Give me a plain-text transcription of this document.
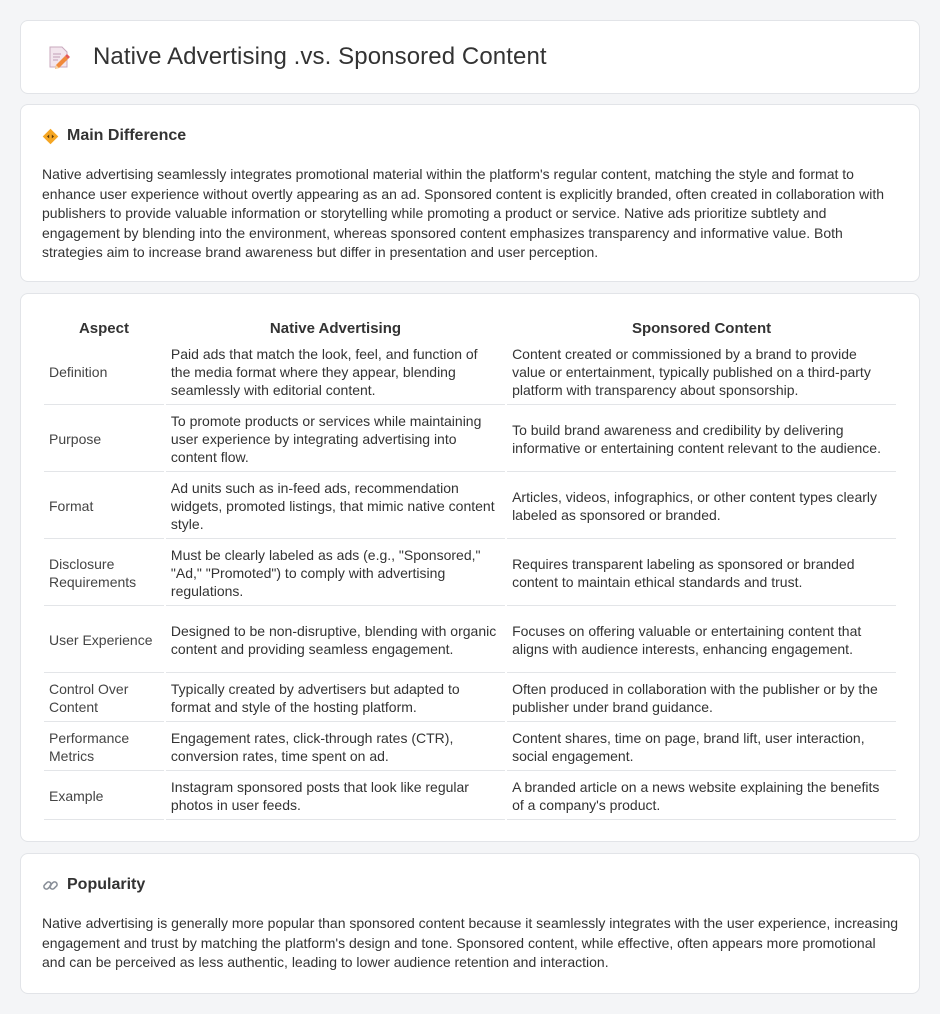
Native Advertising .vs. Sponsored Content
Main Difference

Native advertising seamlessly integrates promotional material within the platform's regular content, matching the style and format to enhance user experience without overtly appearing as an ad. Sponsored content is explicitly branded, often created in collaboration with publishers to provide valuable information or storytelling while promoting a product or service. Native ads prioritize subtlety and engagement by blending into the environment, whereas sponsored content emphasizes transparency and informative value. Both strategies aim to increase brand awareness but differ in presentation and user perception.

Aspect	Native Advertising	Sponsored Content
Definition	Paid ads that match the look, feel, and function of the media format where they appear, blending seamlessly with editorial content.	Content created or commissioned by a brand to provide value or entertainment, typically published on a third-party platform with transparency about sponsorship.
Purpose	To promote products or services while maintaining user experience by integrating advertising into content flow.	To build brand awareness and credibility by delivering informative or entertaining content relevant to the audience.
Format	Ad units such as in-feed ads, recommendation widgets, promoted listings, that mimic native content style.	Articles, videos, infographics, or other content types clearly labeled as sponsored or branded.
Disclosure Requirements	Must be clearly labeled as ads (e.g., "Sponsored," "Ad," "Promoted") to comply with advertising regulations.	Requires transparent labeling as sponsored or branded content to maintain ethical standards and trust.
User Experience	Designed to be non-disruptive, blending with organic content and providing seamless engagement.	Focuses on offering valuable or entertaining content that aligns with audience interests, enhancing engagement.
Control Over Content	Typically created by advertisers but adapted to format and style of the hosting platform.	Often produced in collaboration with the publisher or by the publisher under brand guidance.
Performance Metrics	Engagement rates, click-through rates (CTR), conversion rates, time spent on ad.	Content shares, time on page, brand lift, user interaction, social engagement.
Example	Instagram sponsored posts that look like regular photos in user feeds.	A branded article on a news website explaining the benefits of a company's product.
Popularity

Native advertising is generally more popular than sponsored content because it seamlessly integrates with the user experience, increasing engagement and trust by matching the platform's design and tone. Sponsored content, while effective, often appears more promotional and can be perceived as less authentic, leading to lower audience retention and interaction.
